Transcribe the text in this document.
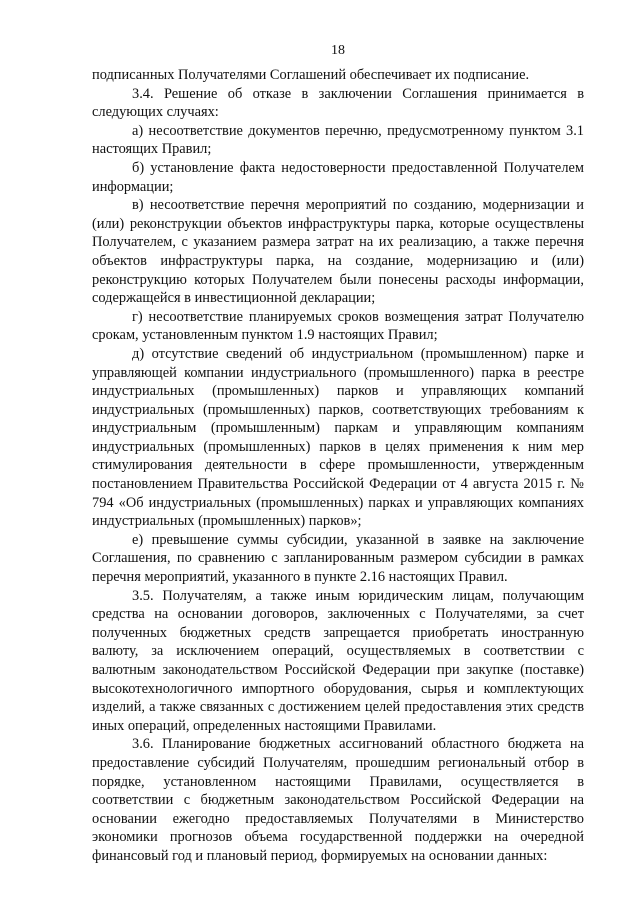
18

подписанных Получателями Соглашений обеспечивает их подписание.

3.4. Решение об отказе в заключении Соглашения принимается в следующих случаях:

а) несоответствие документов перечню, предусмотренному пунктом 3.1 настоящих Правил;

б) установление факта недостоверности предоставленной Получателем информации;

в) несоответствие перечня мероприятий по созданию, модернизации и (или) реконструкции объектов инфраструктуры парка, которые осуществлены Получателем, с указанием размера затрат на их реализацию, а также перечня объектов инфраструктуры парка, на создание, модернизацию и (или) реконструкцию которых Получателем были понесены расходы информации, содержащейся в инвестиционной декларации;

г) несоответствие планируемых сроков возмещения затрат Получателю срокам, установленным пунктом 1.9 настоящих Правил;

д) отсутствие сведений об индустриальном (промышленном) парке и управляющей компании индустриального (промышленного) парка в реестре индустриальных (промышленных) парков и управляющих компаний индустриальных (промышленных) парков, соответствующих требованиям к индустриальным (промышленным) паркам и управляющим компаниям индустриальных (промышленных) парков в целях применения к ним мер стимулирования деятельности в сфере промышленности, утвержденным постановлением Правительства Российской Федерации от 4 августа 2015 г. № 794 «Об индустриальных (промышленных) парках и управляющих компаниях индустриальных (промышленных) парков»;

е) превышение суммы субсидии, указанной в заявке на заключение Соглашения, по сравнению с запланированным размером субсидии в рамках перечня мероприятий, указанного в пункте 2.16 настоящих Правил.

3.5. Получателям, а также иным юридическим лицам, получающим средства на основании договоров, заключенных с Получателями, за счет полученных бюджетных средств запрещается приобретать иностранную валюту, за исключением операций, осуществляемых в соответствии с валютным законодательством Российской Федерации при закупке (поставке) высокотехнологичного импортного оборудования, сырья и комплектующих изделий, а также связанных с достижением целей предоставления этих средств иных операций, определенных настоящими Правилами.

3.6. Планирование бюджетных ассигнований областного бюджета на предоставление субсидий Получателям, прошедшим региональный отбор в порядке, установленном настоящими Правилами, осуществляется в соответствии с бюджетным законодательством Российской Федерации на основании ежегодно предоставляемых Получателями в Министерство экономики прогнозов объема государственной поддержки на очередной финансовый год и плановый период, формируемых на основании данных:
